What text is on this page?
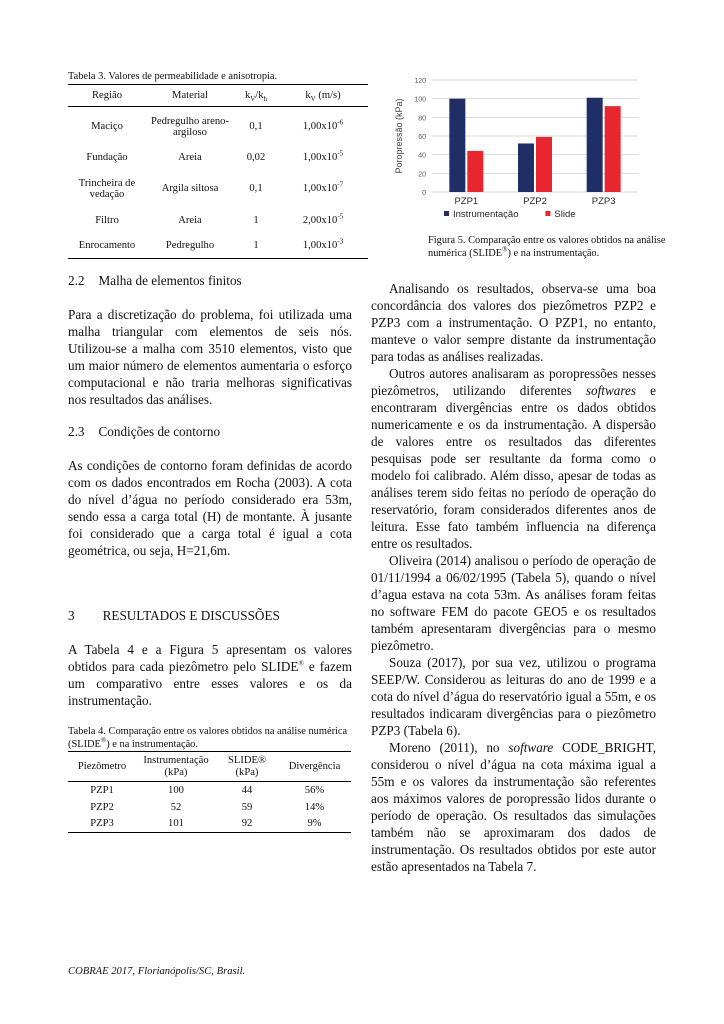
Tabela 3. Valores de permeabilidade e anisotropia.
Região	Material	$k_V/k_h$	$k_V$ (m/s)
Maciço	Pedregulho areno-argiloso	0,1	$1,00x10^{-6}$
Fundação	Areia	0,02	$1,00x10^{-5}$
Trincheira de vedação	Argila siltosa	0,1	$1,00x10^{-7}$
Filtro	Areia	1	$2,00x10^{-5}$
Enrocamento	Pedregulho	1	$1,00x10^{-3}$
0
20
40
60
80
100
120
Poropressão (kPa)
PZP1	PZP2	PZP3
Instrumentação	Slide
Figura 5. Comparação entre os valores obtidos na análise numérica (SLIDE®) e na instrumentação.
2.2 Malha de elementos finitos
Para a discretização do problema, foi utilizada uma malha triangular com elementos de seis nós. Utilizou-se a malha com 3510 elementos, visto que um maior número de elementos aumentaria o esforço computacional e não traria melhoras significativas nos resultados das análises.
2.3 Condições de contorno
As condições de contorno foram definidas de acordo com os dados encontrados em Rocha (2003). A cota do nível d’água no período considerado era 53m, sendo essa a carga total (H) de montante. À jusante foi considerado que a carga total é igual a cota geométrica, ou seja, H=21,6m.
3 RESULTADOS E DISCUSSÕES
A Tabela 4 e a Figura 5 apresentam os valores obtidos para cada piezômetro pelo SLIDE® e fazem um comparativo entre esses valores e os da instrumentação.
Tabela 4. Comparação entre os valores obtidos na análise numérica (SLIDE®) e na instrumentação.
Piezômetro	Instrumentação (kPa)	SLIDE® (kPa)	Divergência
PZP1	100	44	56%
PZP2	52	59	14%
PZP3	101	92	9%

Analisando os resultados, observa-se uma boa concordância dos valores dos piezômetros PZP2 e PZP3 com a instrumentação. O PZP1, no entanto, manteve o valor sempre distante da instrumentação para todas as análises realizadas.

Outros autores analisaram as poropressões nesses piezômetros, utilizando diferentes softwares e encontraram divergências entre os dados obtidos numericamente e os da instrumentação. A dispersão de valores entre os resultados das diferentes pesquisas pode ser resultante da forma como o modelo foi calibrado. Além disso, apesar de todas as análises terem sido feitas no período de operação do reservatório, foram considerados diferentes anos de leitura. Esse fato também influencia na diferença entre os resultados.

Oliveira (2014) analisou o período de operação de 01/11/1994 a 06/02/1995 (Tabela 5), quando o nível d’agua estava na cota 53m. As análises foram feitas no software FEM do pacote GEO5 e os resultados também apresentaram divergências para o mesmo piezômetro.

Souza (2017), por sua vez, utilizou o programa SEEP/W. Considerou as leituras do ano de 1999 e a cota do nível d’água do reservatório igual a 55m, e os resultados indicaram divergências para o piezômetro PZP3 (Tabela 6).

Moreno (2011), no software CODE_BRIGHT, considerou o nível d’água na cota máxima igual a 55m e os valores da instrumentação são referentes aos máximos valores de poropressão lidos durante o período de operação. Os resultados das simulações também não se aproximaram dos dados de instrumentação. Os resultados obtidos por este autor estão apresentados na Tabela 7.

COBRAE 2017, Florianópolis/SC, Brasil.
